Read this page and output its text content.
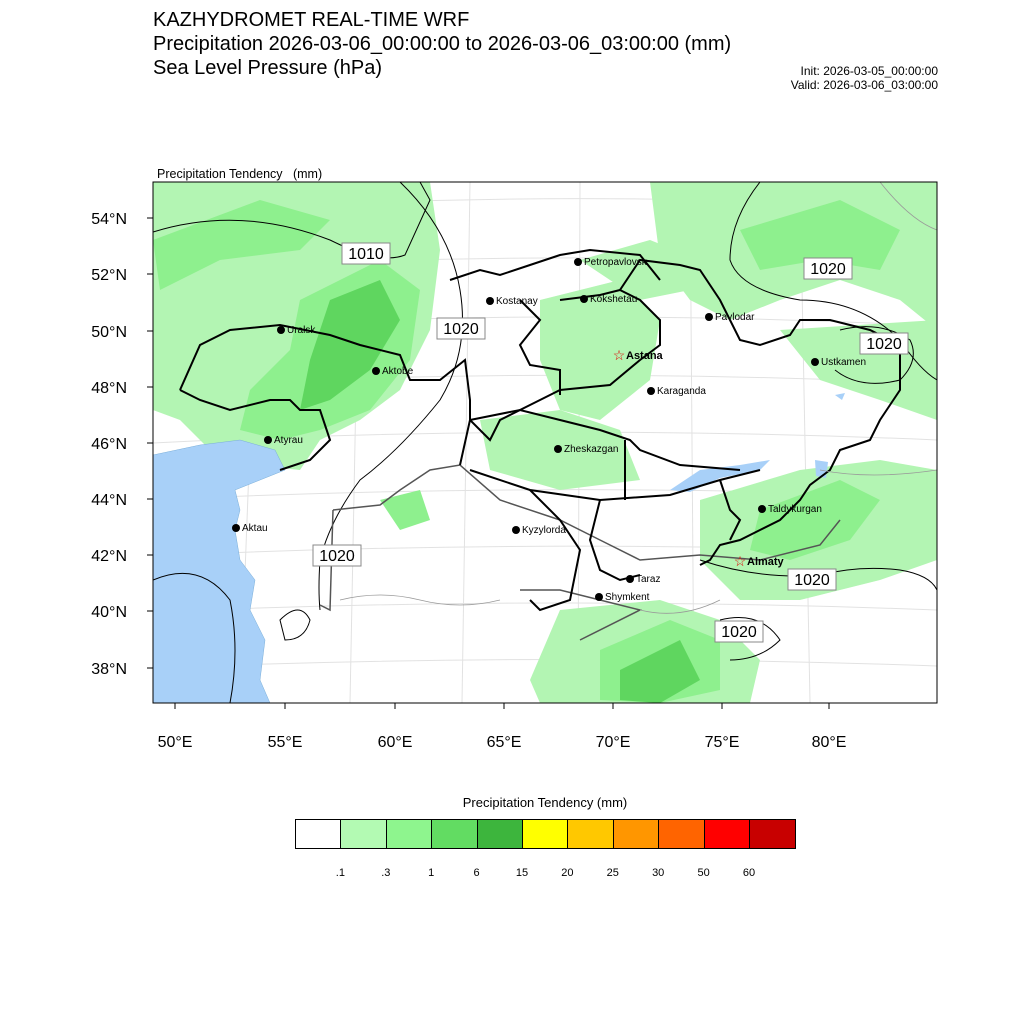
KAZHYDROMET REAL-TIME WRF
Precipitation 2026-03-06_00:00:00 to 2026-03-06_03:00:00 (mm)
Sea Level Pressure (hPa)	Init: 2026-03-05_00:00:00
Valid: 2026-03-06_03:00:00

Precipitation Tendency   (mm)

54°N
52°N
50°N
48°N
46°N
44°N
42°N
40°N
38°N
50°E	55°E	60°E	65°E	70°E	75°E	80°E
1010
1020
1020
1020
1020
1020
1020
Petropavlovsk
Kostanay	Kokshetau
Pavlodar
Uralsk
☆ Astana
Aktobe
Ustkamen
Karaganda
Atyrau
Zheskazgan
Taldykurgan
Aktau	Kyzylorda
☆ Almaty
Taraz
Shymkent
Precipitation Tendency (mm)
.1	.3	1	6	15	20	25	30	50	60
